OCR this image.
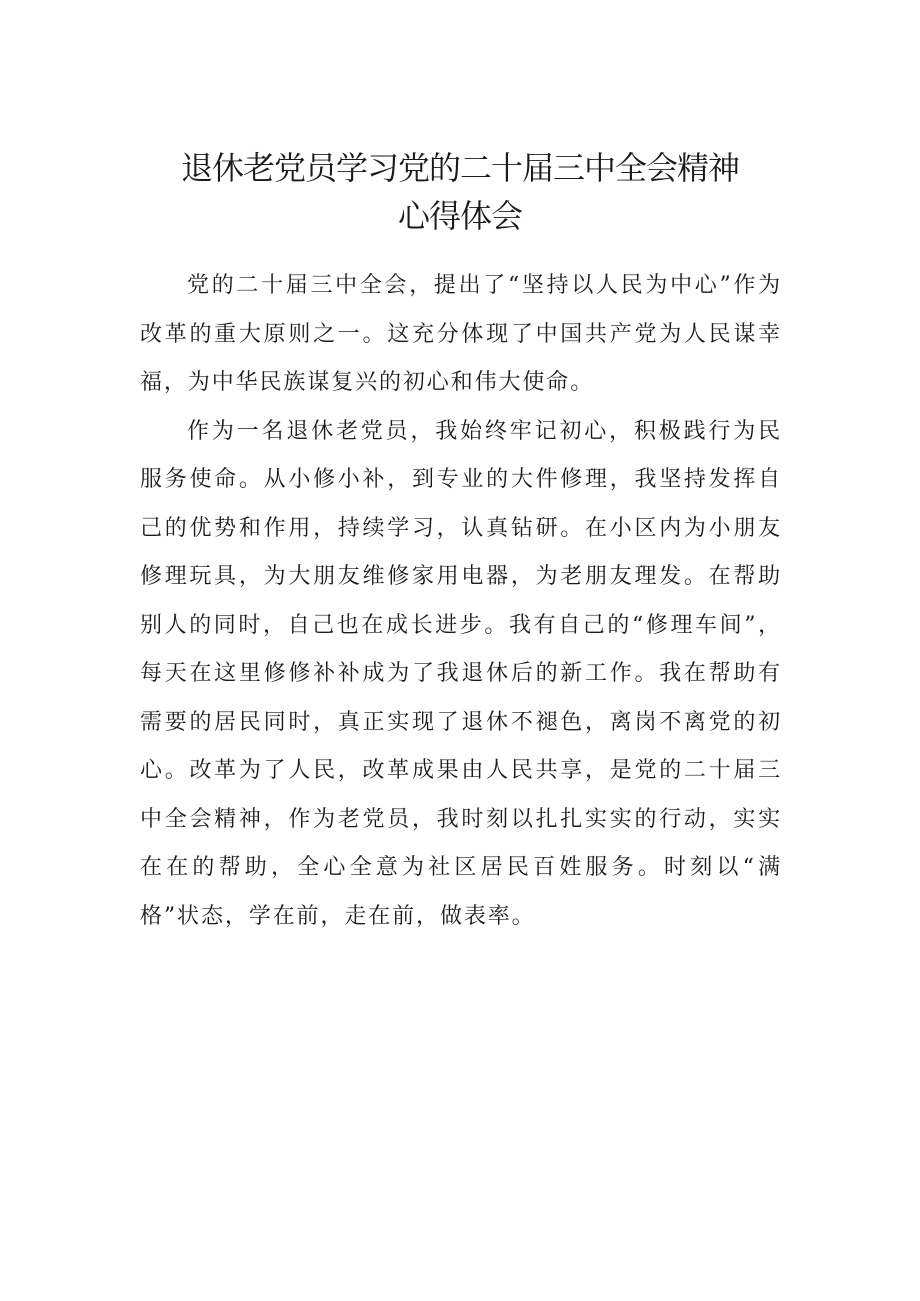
退休老党员学习党的二十届三中全会精神
心得体会

党的二十届三中全会，提出了“坚持以人民为中心”作为改革的重大原则之一。这充分体现了中国共产党为人民谋幸福，为中华民族谋复兴的初心和伟大使命。

作为一名退休老党员，我始终牢记初心，积极践行为民服务使命。从小修小补，到专业的大件修理，我坚持发挥自己的优势和作用，持续学习，认真钻研。在小区内为小朋友修理玩具，为大朋友维修家用电器，为老朋友理发。在帮助别人的同时，自己也在成长进步。我有自己的“修理车间”，每天在这里修修补补成为了我退休后的新工作。我在帮助有需要的居民同时，真正实现了退休不褪色，离岗不离党的初心。改革为了人民，改革成果由人民共享，是党的二十届三中全会精神，作为老党员，我时刻以扎扎实实的行动，实实在在的帮助，全心全意为社区居民百姓服务。时刻以“满格”状态，学在前，走在前，做表率。
